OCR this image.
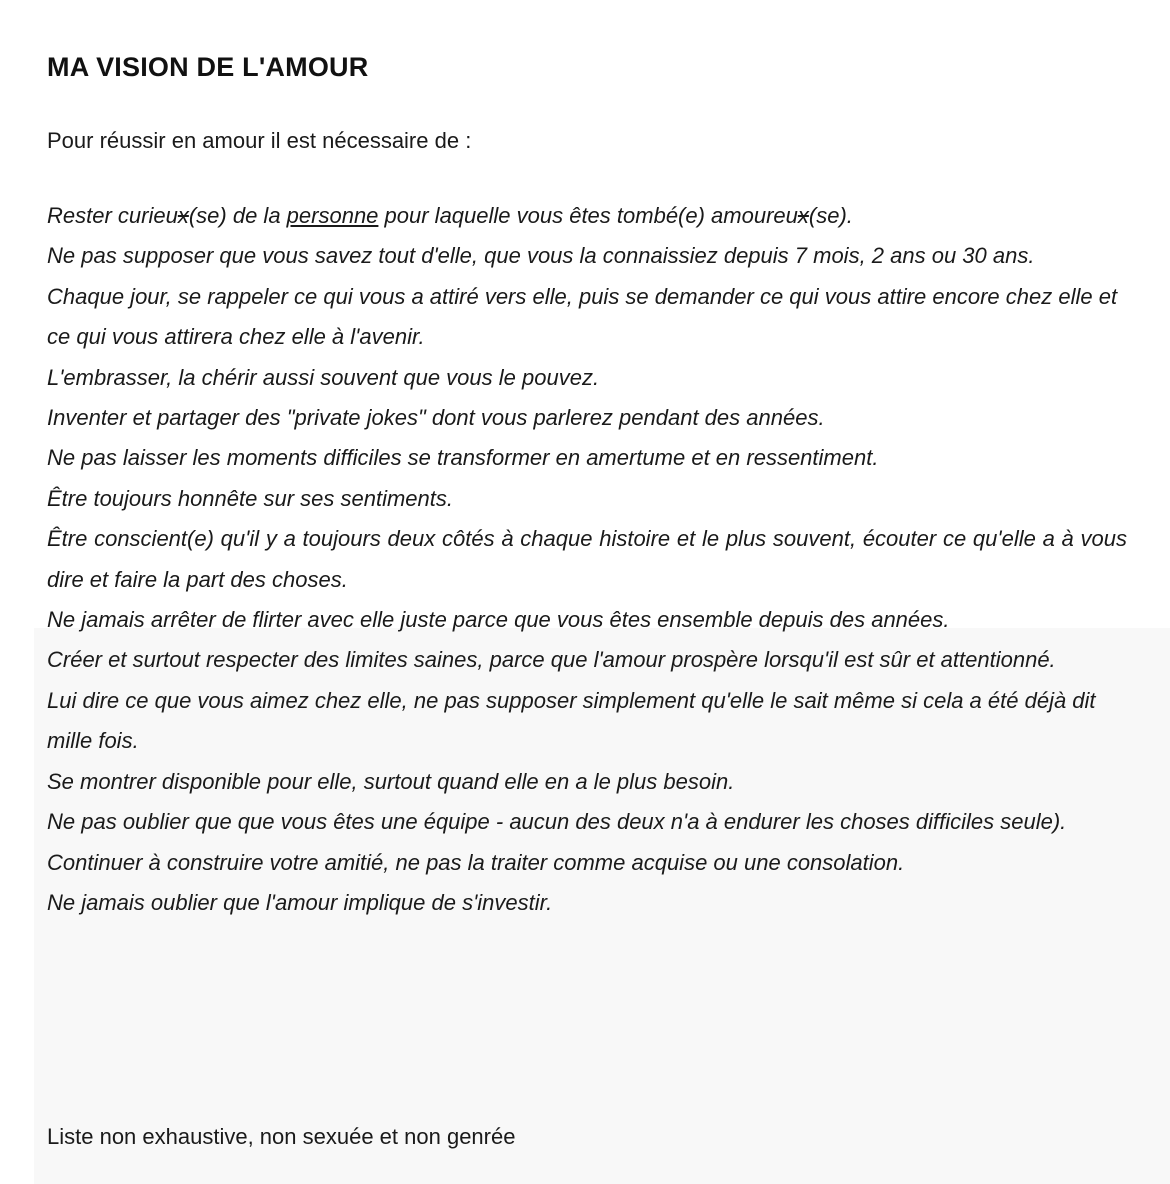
MA VISION DE L'AMOUR

Pour réussir en amour il est nécessaire de :

Rester curieux(se) de la personne pour laquelle vous êtes tombé(e) amoureux(se).

Ne pas supposer que vous savez tout d'elle, que vous la connaissiez depuis 7 mois, 2 ans ou 30 ans.

Chaque jour, se rappeler ce qui vous a attiré vers elle, puis se demander ce qui vous attire encore chez elle et ce qui vous attirera chez elle à l'avenir.

L'embrasser, la chérir aussi souvent que vous le pouvez.

Inventer et partager des "private jokes" dont vous parlerez pendant des années.

Ne pas laisser les moments difficiles se transformer en amertume et en ressentiment.

Être toujours honnête sur ses sentiments.

Être conscient(e) qu'il y a toujours deux côtés à chaque histoire et le plus souvent, écouter ce qu'elle a à vous dire et faire la part des choses.

Ne jamais arrêter de flirter avec elle juste parce que vous êtes ensemble depuis des années.

Créer et surtout respecter des limites saines, parce que l'amour prospère lorsqu'il est sûr et attentionné.

Lui dire ce que vous aimez chez elle, ne pas supposer simplement qu'elle le sait même si cela a été déjà dit mille fois.

Se montrer disponible pour elle, surtout quand elle en a le plus besoin.

Ne pas oublier que que vous êtes une équipe - aucun des deux n'a à endurer les choses difficiles seule).

Continuer à construire votre amitié, ne pas la traiter comme acquise ou une consolation.

Ne jamais oublier que l'amour implique de s'investir.

Liste non exhaustive, non sexuée et non genrée
